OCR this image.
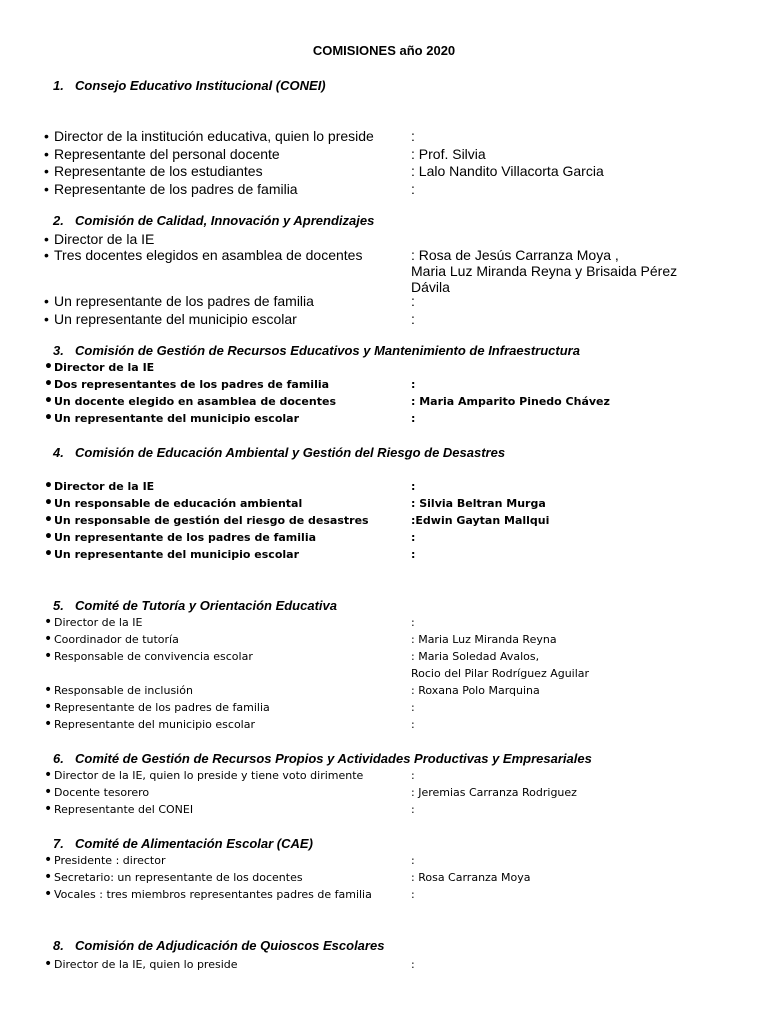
COMISIONES año 2020
1. Consejo Educativo Institucional (CONEI)
• Director de la institución educativa, quien lo preside	:
• Representante del personal docente	: Prof. Silvia
• Representante de los estudiantes	: Lalo Nandito Villacorta Garcia
• Representante de los padres de familia	:
2. Comisión de Calidad, Innovación y Aprendizajes
• Director de la IE
• Tres docentes elegidos en asamblea de docentes	: Rosa de Jesús Carranza Moya ,
Maria Luz Miranda Reyna y Brisaida Pérez
Dávila
• Un representante de los padres de familia	:
• Un representante del municipio escolar	:
3. Comisión de Gestión de Recursos Educativos y Mantenimiento de Infraestructura
• Director de la IE
• Dos representantes de los padres de familia	:
• Un docente elegido en asamblea de docentes	: Maria Amparito Pinedo Chávez
• Un representante del municipio escolar	:
4. Comisión de Educación Ambiental y Gestión del Riesgo de Desastres
• Director de la IE	:
• Un responsable de educación ambiental	: Silvia Beltran Murga
• Un responsable de gestión del riesgo de desastres	:Edwin Gaytan Mallqui
• Un representante de los padres de familia	:
• Un representante del municipio escolar	:
5. Comité de Tutoría y Orientación Educativa
• Director de la IE	:
• Coordinador de tutoría	: Maria Luz Miranda Reyna
• Responsable de convivencia escolar	: Maria Soledad Avalos,
Rocio del Pilar Rodríguez Aguilar
• Responsable de inclusión	: Roxana Polo Marquina
• Representante de los padres de familia	:
• Representante del municipio escolar	:
6. Comité de Gestión de Recursos Propios y Actividades Productivas y Empresariales
• Director de la IE, quien lo preside y tiene voto dirimente	:
• Docente tesorero	: Jeremias Carranza Rodriguez
• Representante del CONEI	:
7. Comité de Alimentación Escolar (CAE)
• Presidente : director	:
• Secretario: un representante de los docentes	: Rosa Carranza Moya
• Vocales : tres miembros representantes padres de familia	:
8. Comisión de Adjudicación de Quioscos Escolares
• Director de la IE, quien lo preside	:
